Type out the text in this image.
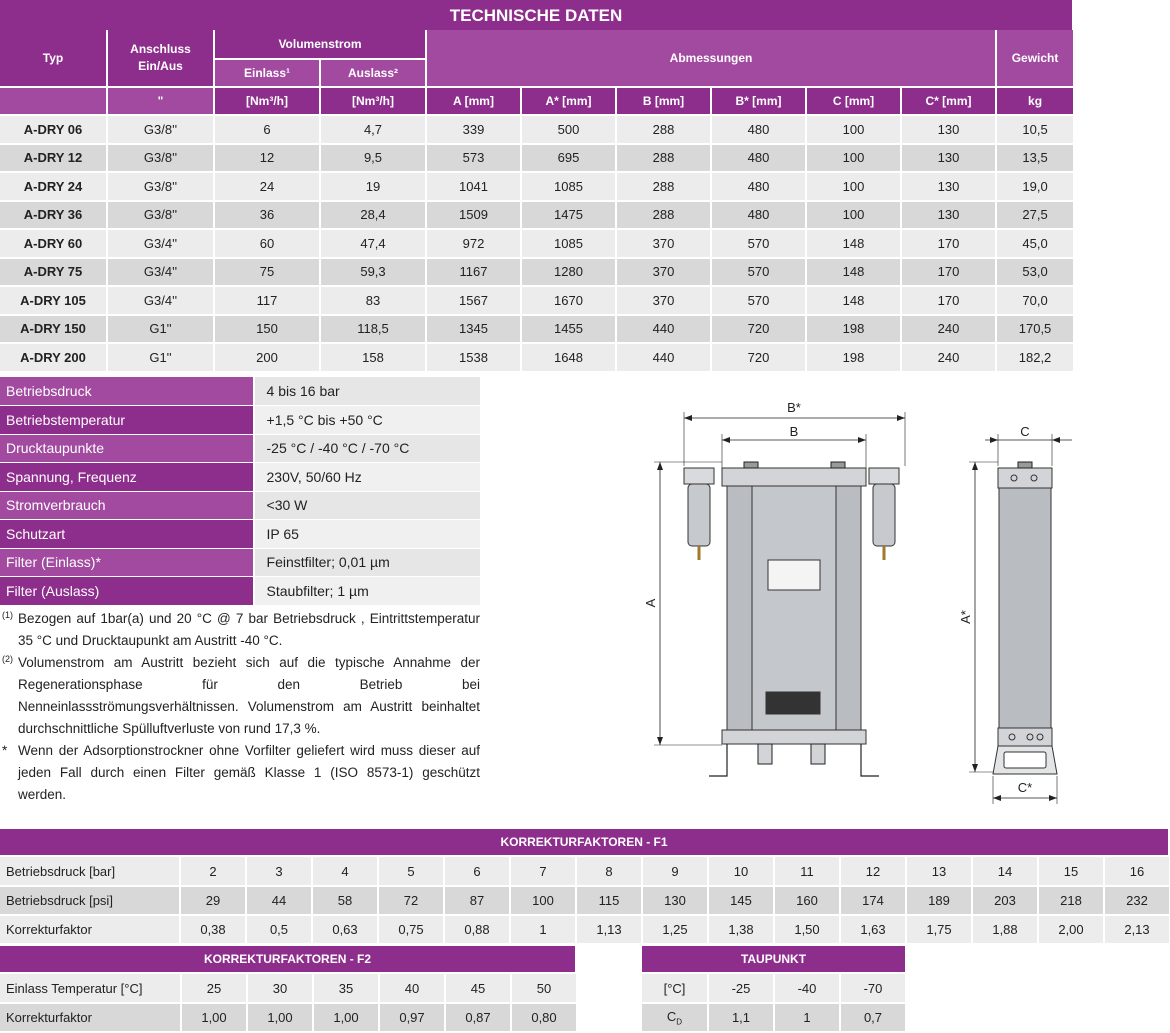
TECHNISCHE DATEN
Typ	Anschluss Ein/Aus	Volumenstrom		Abmessungen						Gewicht
		Einlass¹	Auslass²							
	"	[Nm³/h]	[Nm³/h]	A [mm]	A* [mm]	B [mm]	B* [mm]	C [mm]	C* [mm]	kg
A-DRY 06	G3/8''	6	4,7	339	500	288	480	100	130	10,5
A-DRY 12	G3/8''	12	9,5	573	695	288	480	100	130	13,5
A-DRY 24	G3/8''	24	19	1041	1085	288	480	100	130	19,0
A-DRY 36	G3/8''	36	28,4	1509	1475	288	480	100	130	27,5
A-DRY 60	G3/4''	60	47,4	972	1085	370	570	148	170	45,0
A-DRY 75	G3/4''	75	59,3	1167	1280	370	570	148	170	53,0
A-DRY 105	G3/4''	117	83	1567	1670	370	570	148	170	70,0
A-DRY 150	G1''	150	118,5	1345	1455	440	720	198	240	170,5
A-DRY 200	G1''	200	158	1538	1648	440	720	198	240	182,2
Betriebsdruck	4 bis 16 bar
Betriebstemperatur	+1,5 °C bis +50 °C
Drucktaupunkte	-25 °C / -40 °C / -70 °C
Spannung, Frequenz	230V, 50/60 Hz
Stromverbrauch	<30 W
Schutzart	IP 65
Filter (Einlass)*	Feinstfilter; 0,01 µm
Filter (Auslass)	Staubfilter; 1 µm
(1) Bezogen auf 1bar(a) und 20 °C @ 7 bar Betriebsdruck , Eintrittstemperatur 35 °C und Drucktaupunkt am Austritt -40 °C.

(2) Volumenstrom am Austritt bezieht sich auf die typische Annahme der Regenerationsphase für den Betrieb bei Nenneinlassströmungsverhältnissen. Volumenstrom am Austritt beinhaltet durchschnittliche Spülluftverluste von rund 17,3 %.

* Wenn der Adsorptionstrockner ohne Vorfilter geliefert wird muss dieser auf jeden Fall durch einen Filter gemäß Klasse 1 (ISO 8573-1) geschützt werden.

B*
B
A
C
A*
C*
KORREKTURFAKTOREN - F1
Betriebsdruck [bar]	2	3	4	5	6	7	8	9	10	11	12	13	14	15	16
Betriebsdruck [psi]	29	44	58	72	87	100	115	130	145	160	174	189	203	218	232
Korrekturfaktor	0,38	0,5	0,63	0,75	0,88	1	1,13	1,25	1,38	1,50	1,63	1,75	1,88	2,00	2,13
KORREKTURFAKTOREN - F2
Einlass Temperatur [°C]	25	30	35	40	45	50
Korrekturfaktor	1,00	1,00	1,00	0,97	0,87	0,80
TAUPUNKT
[°C]	-25	-40	-70
$C_D$	1,1	1	0,7
